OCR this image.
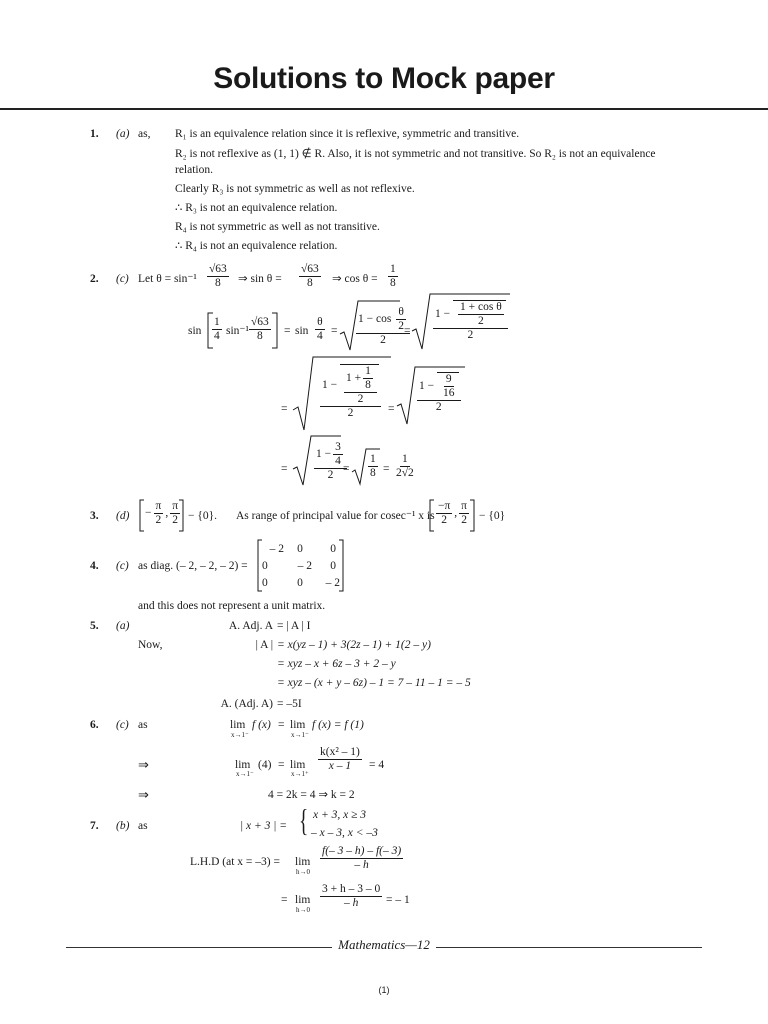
Solutions to Mock paper
1. (a) as, R₁ is an equivalence relation since it is reflexive, symmetric and transitive.
R₂ is not reflexive as (1, 1) ∉ R. Also, it is not symmetric and not transitive. So R₂ is not an equivalence
relation.
Clearly R₃ is not symmetric as well as not reflexive.
∴ R₃ is not an equivalence relation.
R₄ is not symmetric as well as not transitive.
∴ R₄ is not an equivalence relation.
2. (c) Let $\theta = \sin^{-1} \frac{√63}{8}$ ⇒ $\sin \theta = \frac{√63}{8}$ ⇒ $\cos \theta = \frac{1}{8}$
$\sin \frac{1}{4} \sin^{-1} \frac{√63}{8} = \sin \frac{\theta}{4} = \frac{1 - \cos \frac{\theta}{2}}{2}$
= $\frac{1 - \frac{\text{1 + cos θ}}{2}}{2}$
=	$\frac{1 - \frac{1 + \frac{1}{8}}{2}}{2} = \frac{1 - \frac{9}{16}}{2}$
= $\frac{1 - \frac{3}{4}}{2}$
= $\frac{1}{8} = \frac{1}{2√2}$
3. $(d) - \frac{\pi}{2}$ , $\frac{\pi}{2} - \{0\}$. As range of principal value for cosec⁻¹ x is $\frac{-\pi}{2}$ , $\frac{\pi}{2} - \{0\}$
4. (c) as diag. (– 2, – 2, – 2) =
– 2	0	0
0	– 2	0
0	0	– 2
and this does not represent a unit matrix.
5. (a)
Now,
A. Adj. A = | A | I
| A | = x(yz – 1) + 3(2z – 1) + 1(2 – y)
= xyz – x + 6z – 3 + 2 – y
= xyz – (x + y – 6z) – 1 = 7 – 11 – 1 = – 5
A. (Adj. A) = –5I
6. (c) as	lim
x→1⁻
f (x) = lim
x→1⁻
f (x) = f (1)
⇒	lim
x→1⁻
(4) = lim
x→1⁺
$\frac{\text{k(x² – 1)}}{x - 1} = 4$
⇒	4 = 2k = 4 ⇒ k = 2
7. (b) as	| x + 3 | = { x + 3, x ≥ 3
– x – 3, x < –3
L.H.D (at x = –3) = lim
$h\to 0 \frac{f(- 3 - h) - f(- 3)}{- h}$
= lim
$h\to 0 \frac{3 + h - 3 - 0}{- h}$ = – 1
Mathematics—12
(1)
